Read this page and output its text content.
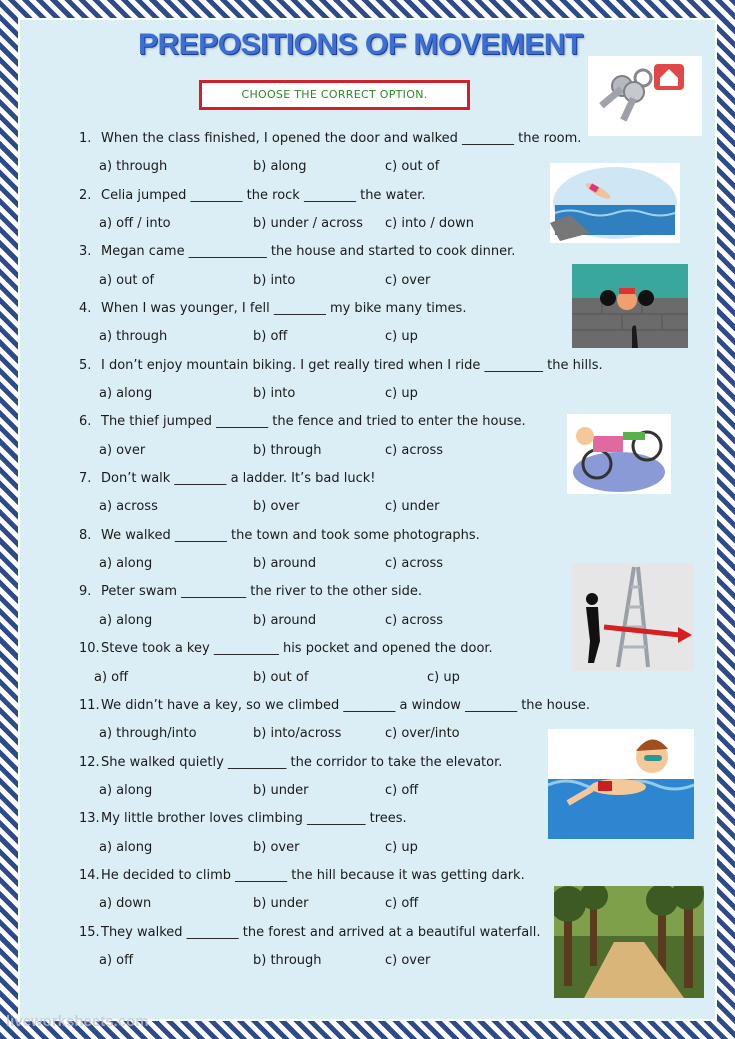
PREPOSITIONS OF MOVEMENT
CHOOSE THE CORRECT OPTION.
1. When the class finished, I opened the door and walked ________ the room.
a) through	b) along	c) out of
2. Celia jumped ________ the rock ________ the water.
a) off / into	b) under / across c) into / down
3. Megan came ____________ the house and started to cook dinner.
a) out of	b) into	c) over
4. When I was younger, I fell ________ my bike many times.
a) through	b) off	c) up
5. I don’t enjoy mountain biking. I get really tired when I ride _________ the hills.
a) along	b) into	c) up
6. The thief jumped ________ the fence and tried to enter the house.
a) over	b) through	c) across
7. Don’t walk ________ a ladder. It’s bad luck!
a) across	b) over	c) under
8. We walked ________ the town and took some photographs.
a) along	b) around	c) across
9. Peter swam __________ the river to the other side.
a) along	b) around	c) across
10.Steve took a key __________ his pocket and opened the door.
a) off	b) out of	c) up
11.We didn’t have a key, so we climbed ________ a window ________ the house.
a) through/into	b) into/across	c) over/into
12.She walked quietly _________ the corridor to take the elevator.
a) along	b) under	c) off
13.My little brother loves climbing _________ trees.
a) along	b) over	c) up
14.He decided to climb ________ the hill because it was getting dark.
a) down	b) under	c) off
15.They walked ________ the forest and arrived at a beautiful waterfall.
a) off	b) through	c) over
liveworksheets.com
